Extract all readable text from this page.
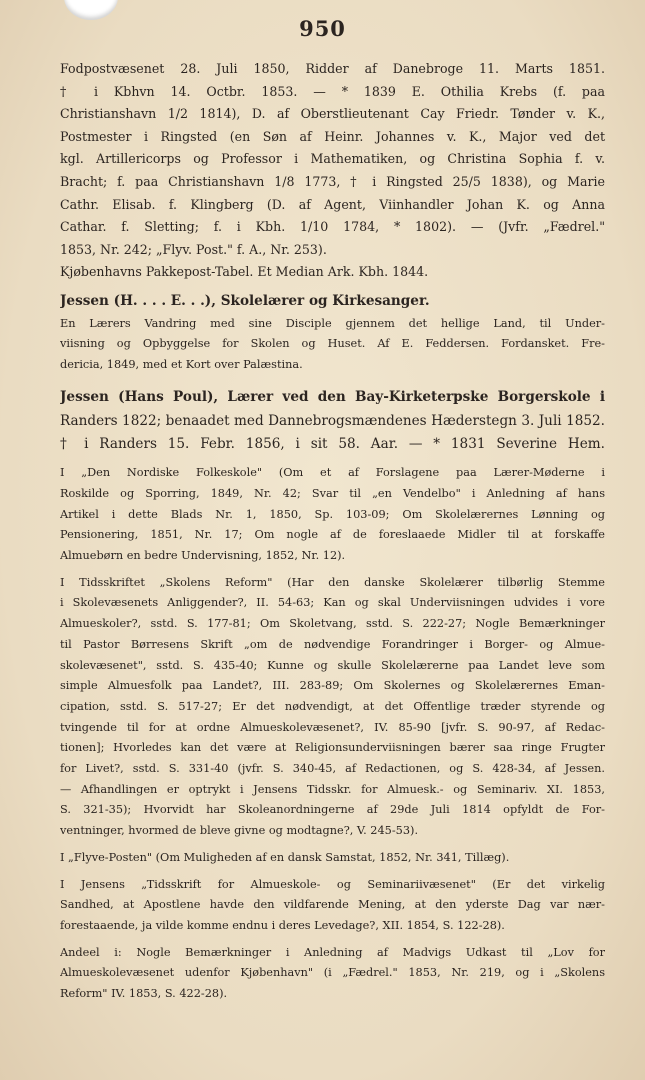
950
Fodpostvæsenet 28. Juli 1850, Ridder af Danebroge 11. Marts 1851.
† i Kbhvn 14. Octbr. 1853. — * 1839 E. Othilia Krebs (f. paa
Christianshavn 1/2 1814), D. af Oberstlieutenant Cay Friedr. Tønder v. K.,
Postmester i Ringsted (en Søn af Heinr. Johannes v. K., Major ved det
kgl. Artillericorps og Professor i Mathematiken, og Christina Sophia f. v.
Bracht; f. paa Christianshavn 1/8 1773, † i Ringsted 25/5 1838), og Marie
Cathr. Elisab. f. Klingberg (D. af Agent, Viinhandler Johan K. og Anna
Cathar. f. Sletting; f. i Kbh. 1/10 1784, * 1802). — (Jvfr. „Fædrel."
1853, Nr. 242; „Flyv. Post." f. A., Nr. 253).
Kjøbenhavns Pakkepost-Tabel. Et Median Ark. Kbh. 1844.
Jessen (H. . . . E. . .), Skolelærer og Kirkesanger.
En Lærers Vandring med sine Disciple gjennem det hellige Land, til Under-
viisning og Opbyggelse for Skolen og Huset. Af E. Feddersen. Fordansket. Fre-
dericia, 1849, med et Kort over Palæstina.
Jessen (Hans Poul), Lærer ved den Bay-Kirketerpske Borgerskole i
Randers 1822; benaadet med Dannebrogsmændenes Hæderstegn 3. Juli 1852.
† i Randers 15. Febr. 1856, i sit 58. Aar. — * 1831 Severine Hem.
I „Den Nordiske Folkeskole" (Om et af Forslagene paa Lærer-Møderne i
Roskilde og Sporring, 1849, Nr. 42; Svar til „en Vendelbo" i Anledning af hans
Artikel i dette Blads Nr. 1, 1850, Sp. 103-09; Om Skolelærernes Lønning og
Pensionering, 1851, Nr. 17; Om nogle af de foreslaaede Midler til at forskaffe
Almuebørn en bedre Undervisning, 1852, Nr. 12).
I Tidsskriftet „Skolens Reform" (Har den danske Skolelærer tilbørlig Stemme
i Skolevæsenets Anliggender?, II. 54-63; Kan og skal Underviisningen udvides i vore
Almueskoler?, sstd. S. 177-81; Om Skoletvang, sstd. S. 222-27; Nogle Bemærkninger
til Pastor Børresens Skrift „om de nødvendige Forandringer i Borger- og Almue-
skolevæsenet", sstd. S. 435-40; Kunne og skulle Skolelærerne paa Landet leve som
simple Almuesfolk paa Landet?, III. 283-89; Om Skolernes og Skolelærernes Eman-
cipation, sstd. S. 517-27; Er det nødvendigt, at det Offentlige træder styrende og
tvingende til for at ordne Almueskolevæsenet?, IV. 85-90 [jvfr. S. 90-97, af Redac-
tionen]; Hvorledes kan det være at Religionsunderviisningen bærer saa ringe Frugter
for Livet?, sstd. S. 331-40 (jvfr. S. 340-45, af Redactionen, og S. 428-34, af Jessen.
— Afhandlingen er optrykt i Jensens Tidsskr. for Almuesk.- og Seminariv. XI. 1853,
S. 321-35); Hvorvidt har Skoleanordningerne af 29de Juli 1814 opfyldt de For-
ventninger, hvormed de bleve givne og modtagne?, V. 245-53).
I „Flyve-Posten" (Om Muligheden af en dansk Samstat, 1852, Nr. 341, Tillæg).
I Jensens „Tidsskrift for Almueskole- og Seminariivæsenet" (Er det virkelig
Sandhed, at Apostlene havde den vildfarende Mening, at den yderste Dag var nær-
forestaaende, ja vilde komme endnu i deres Levedage?, XII. 1854, S. 122-28).
Andeel i: Nogle Bemærkninger i Anledning af Madvigs Udkast til „Lov for
Almueskolevæsenet udenfor Kjøbenhavn" (i „Fædrel." 1853, Nr. 219, og i „Skolens
Reform" IV. 1853, S. 422-28).
